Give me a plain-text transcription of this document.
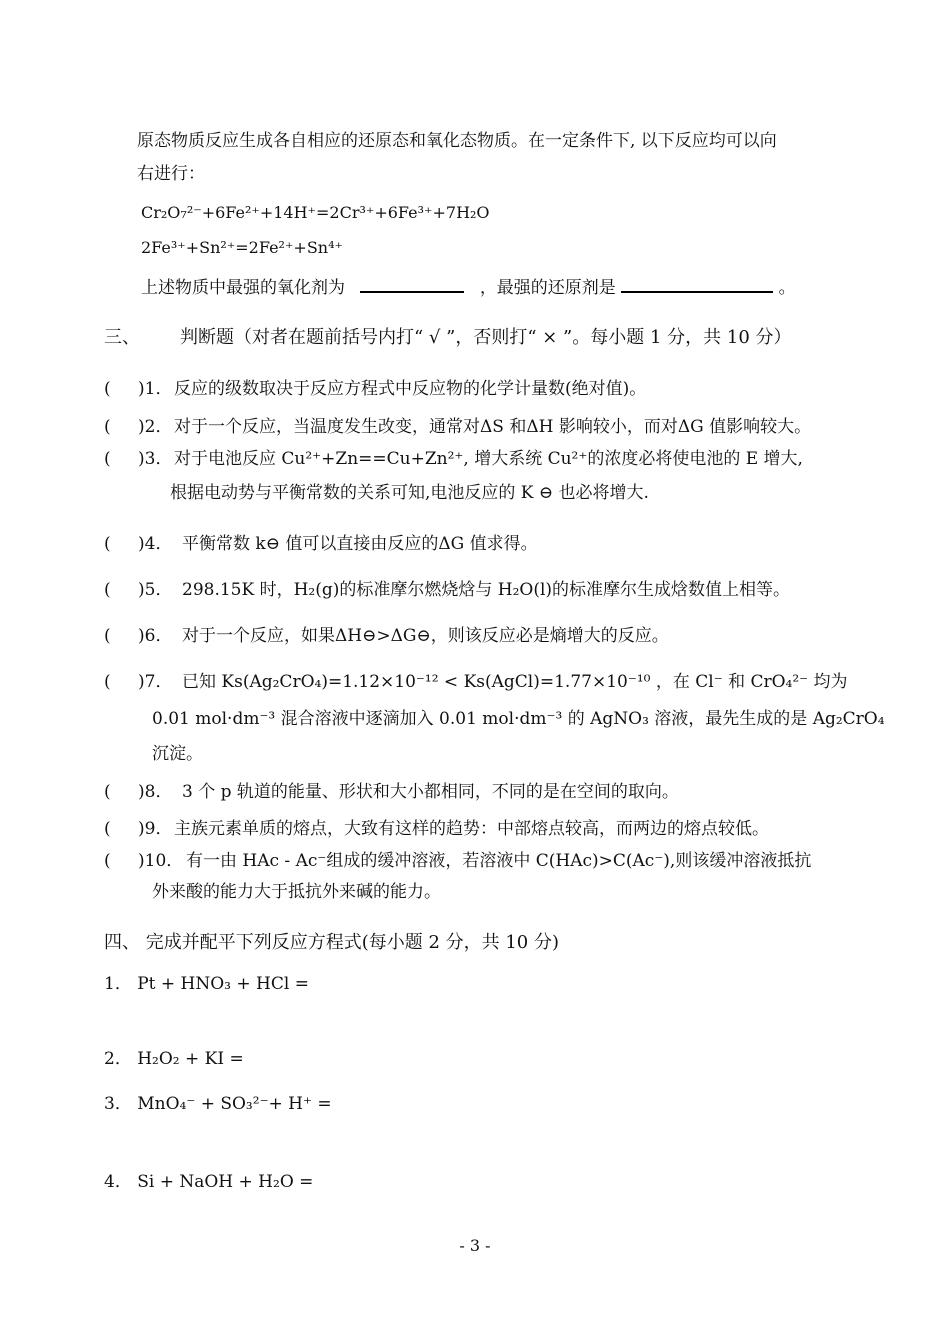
原态物质反应生成各自相应的还原态和氧化态物质。在一定条件下, 以下反应均可以向
右进行：
Cr₂O₇²⁻+6Fe²⁺+14H⁺=2Cr³⁺+6Fe³⁺+7H₂O
2Fe³⁺+Sn²⁺=2Fe²⁺+Sn⁴⁺
上述物质中最强的氧化剂为	，最强的还原剂是	。
三、 判断题（对者在题前括号内打“ √ ”，否则打“ × ”。每小题 1 分，共 10 分）
( )1． 反应的级数取决于反应方程式中反应物的化学计量数(绝对值)。
( )2． 对于一个反应，当温度发生改变，通常对ΔS 和ΔH 影响较小，而对ΔG 值影响较大。
( )3． 对于电池反应 Cu²⁺+Zn==Cu+Zn²⁺, 增大系统 Cu²⁺的浓度必将使电池的 E 增大,
根据电动势与平衡常数的关系可知,电池反应的 K ⊖ 也必将增大.
( )4． 平衡常数 k⊖ 值可以直接由反应的ΔG 值求得。
( )5． 298.15K 时，H₂(g)的标准摩尔燃烧焓与 H₂O(l)的标准摩尔生成焓数值上相等。
( )6． 对于一个反应，如果ΔH⊖>ΔG⊖，则该反应必是熵增大的反应。
( )7． 已知 Ks(Ag₂CrO₄)=1.12×10⁻¹² < Ks(AgCl)=1.77×10⁻¹⁰ ，在 Cl⁻ 和 CrO₄²⁻ 均为
0.01 mol·dm⁻³ 混合溶液中逐滴加入 0.01 mol·dm⁻³ 的 AgNO₃ 溶液，最先生成的是 Ag₂CrO₄
沉淀。
( )8． 3 个 p 轨道的能量、形状和大小都相同，不同的是在空间的取向。
( )9． 主族元素单质的熔点，大致有这样的趋势：中部熔点较高，而两边的熔点较低。
( )10． 有一由 HAc - Ac⁻组成的缓冲溶液，若溶液中 C(HAc)>C(Ac⁻),则该缓冲溶液抵抗
外来酸的能力大于抵抗外来碱的能力。
四、 完成并配平下列反应方程式(每小题 2 分，共 10 分)
1． Pt + HNO₃ + HCl =
2． H₂O₂ + KI =
3． MnO₄⁻ + SO₃²⁻+ H⁺ =
4． Si + NaOH + H₂O =
- 3 -
